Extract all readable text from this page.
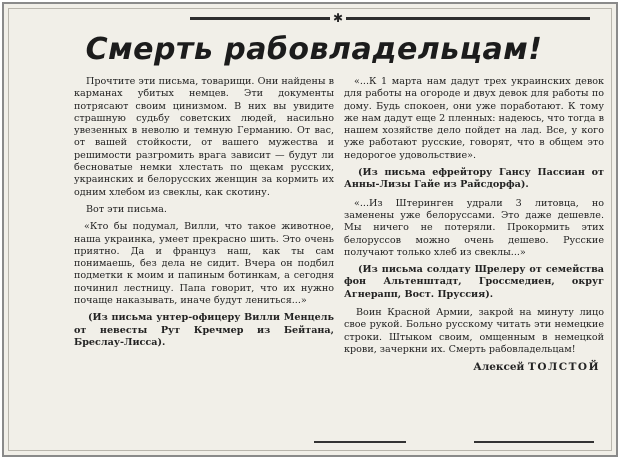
✱
Смерть рабовладельцам!

Прочтите эти письма, товарищи. Они найдены в карманах убитых немцев. Эти документы потрясают своим цинизмом. В них вы увидите страшную судьбу советских людей, насильно увезенных в неволю и темную Германию. От вас, от вашей стойкости, от вашего мужества и решимости разгромить врага зависит — будут ли бесноватые немки хлестать по щекам русских, украинских и белорусских женщин за кормить их одним хлебом из свеклы, как скотину.

Вот эти письма.

«Кто бы подумал, Вилли, что такое животное, наша украинка, умеет прекрасно шить. Это очень приятно. Да и француз наш, как ты сам понимаешь, без дела не сидит. Вчера он подбил подметки к моим и папиным ботинкам, а сегодня починил лестницу. Папа говорит, что их нужно почаще наказывать, иначе будут лениться...»

(Из письма унтер-офицеру Вилли Менцель от невесты Рут Кречмер из Бейтана, Бреслау-Лисса).

«...К 1 марта нам дадут трех украинских девок для работы на огороде и двух девок для работы по дому. Будь спокоен, они уже поработают. К тому же нам дадут еще 2 пленных: надеюсь, что тогда в нашем хозяйстве дело пойдет на лад. Все, у кого уже работают русские, говорят, что в общем это недорогое удовольствие».

(Из письма ефрейтору Гансу Пассиан от Анны-Лизы Гайе из Райсдорфа).

«...Из Штеринген удрали 3 литовца, но заменены уже белоруссами. Это даже дешевле. Мы ничего не потеряли. Прокормить этих белоруссов можно очень дешево. Русские получают только хлеб из свеклы...»

(Из письма солдату Шрелеру от семейства фон Альтенштадт, Гроссмедиен, округ Агнерапп, Вост. Пруссия).

Воин Красной Армии, закрой на минуту лицо свое рукой. Больно русскому читать эти немецкие строки. Штыком своим, омщенным в немецкой крови, зачеркни их. Смерть рабовладельцам!

Алексей ТОЛСТОЙ
